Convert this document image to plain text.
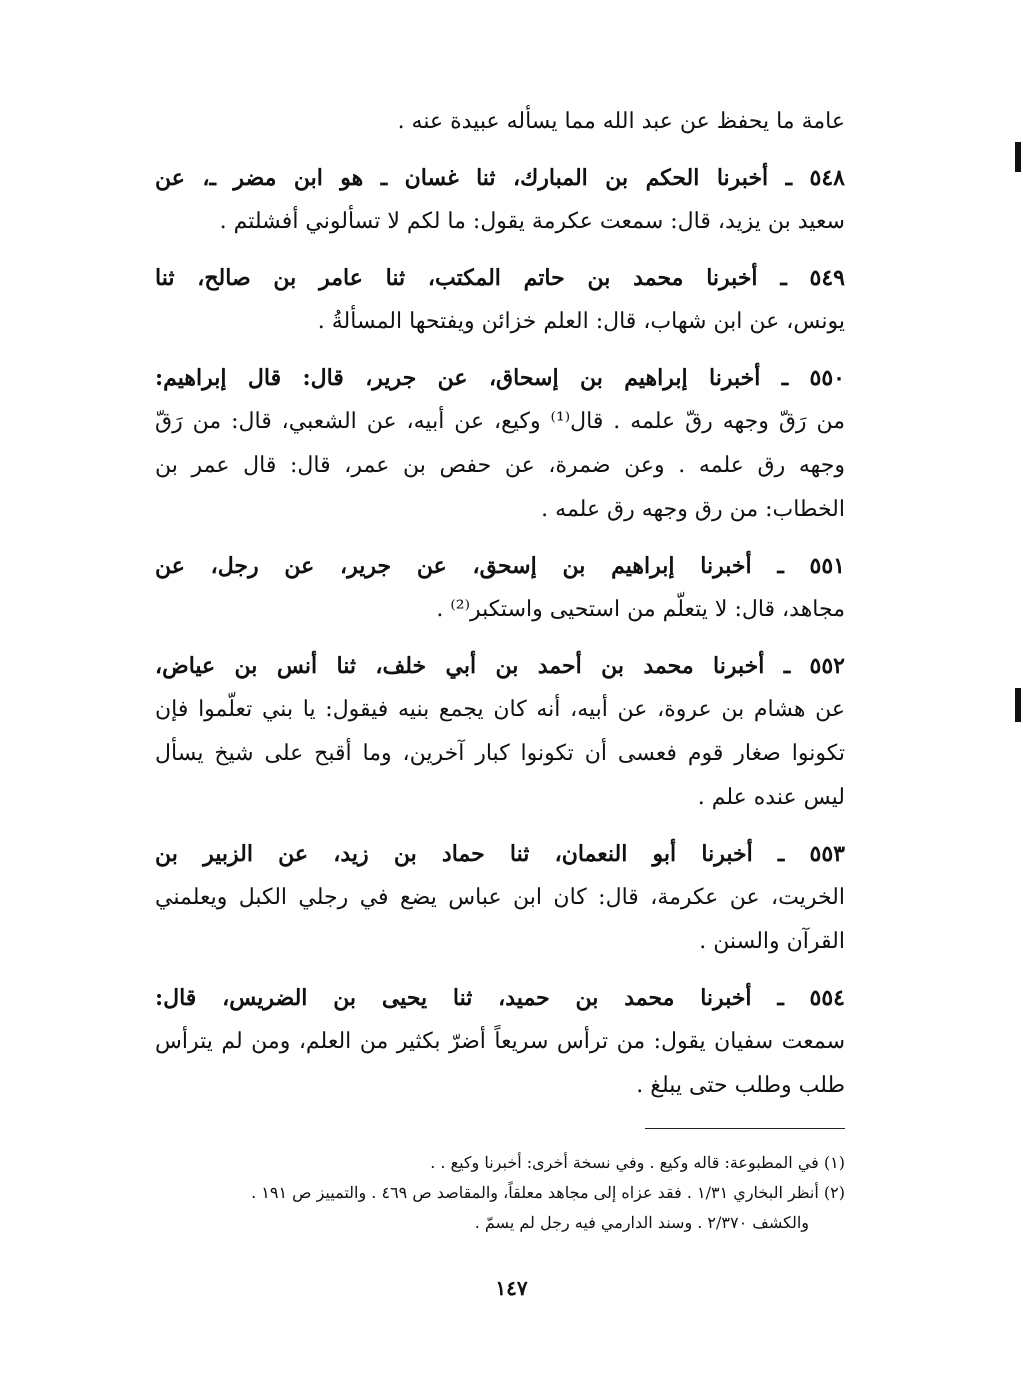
عامة ما يحفظ عن عبد الله مما يسأله عبيدة عنه .
٥٤٨ ـ أخبرنا الحكم بن المبارك، ثنا غسان ـ هو ابن مضر ـ، عن
سعيد بن يزيد، قال: سمعت عكرمة يقول: ما لكم لا تسألوني أفشلتم .
٥٤٩ ـ أخبرنا محمد بن حاتم المكتب، ثنا عامر بن صالح، ثنا
يونس، عن ابن شهاب، قال: العلم خزائن ويفتحها المسألةُ .
٥٥٠ ـ أخبرنا إبراهيم بن إسحاق، عن جرير، قال: قال إبراهيم:
من رَقّ وجهه رقّ علمه . قال⁽¹⁾ وكيع، عن أبيه، عن الشعبي، قال: من رَقّ
وجهه رق علمه . وعن ضمرة، عن حفص بن عمر، قال: قال عمر بن
الخطاب: من رق وجهه رق علمه .
٥٥١ ـ أخبرنا إبراهيم بن إسحق، عن جرير، عن رجل، عن
مجاهد، قال: لا يتعلّم من استحيى واستكبر⁽²⁾ .
٥٥٢ ـ أخبرنا محمد بن أحمد بن أبي خلف، ثنا أنس بن عياض،
عن هشام بن عروة، عن أبيه، أنه كان يجمع بنيه فيقول: يا بني تعلّموا فإن
تكونوا صغار قوم فعسى أن تكونوا كبار آخرين، وما أقبح على شيخ يسأل
ليس عنده علم .
٥٥٣ ـ أخبرنا أبو النعمان، ثنا حماد بن زيد، عن الزبير بن
الخريت، عن عكرمة، قال: كان ابن عباس يضع في رجلي الكبل ويعلمني
القرآن والسنن .
٥٥٤ ـ أخبرنا محمد بن حميد، ثنا يحيى بن الضريس، قال:
سمعت سفيان يقول: من ترأس سريعاً أضرّ بكثير من العلم، ومن لم يترأس
طلب وطلب حتى يبلغ .
(١) في المطبوعة: قاله وكيع . وفي نسخة أخرى: أخبرنا وكيع . .
(٢) أنظر البخاري ١/٣١ . فقد عزاه إلى مجاهد معلقاً، والمقاصد ص ٤٦٩ . والتمييز ص ١٩١ .
والكشف ٢/٣٧٠ . وسند الدارمي فيه رجل لم يسمّ .
١٤٧
